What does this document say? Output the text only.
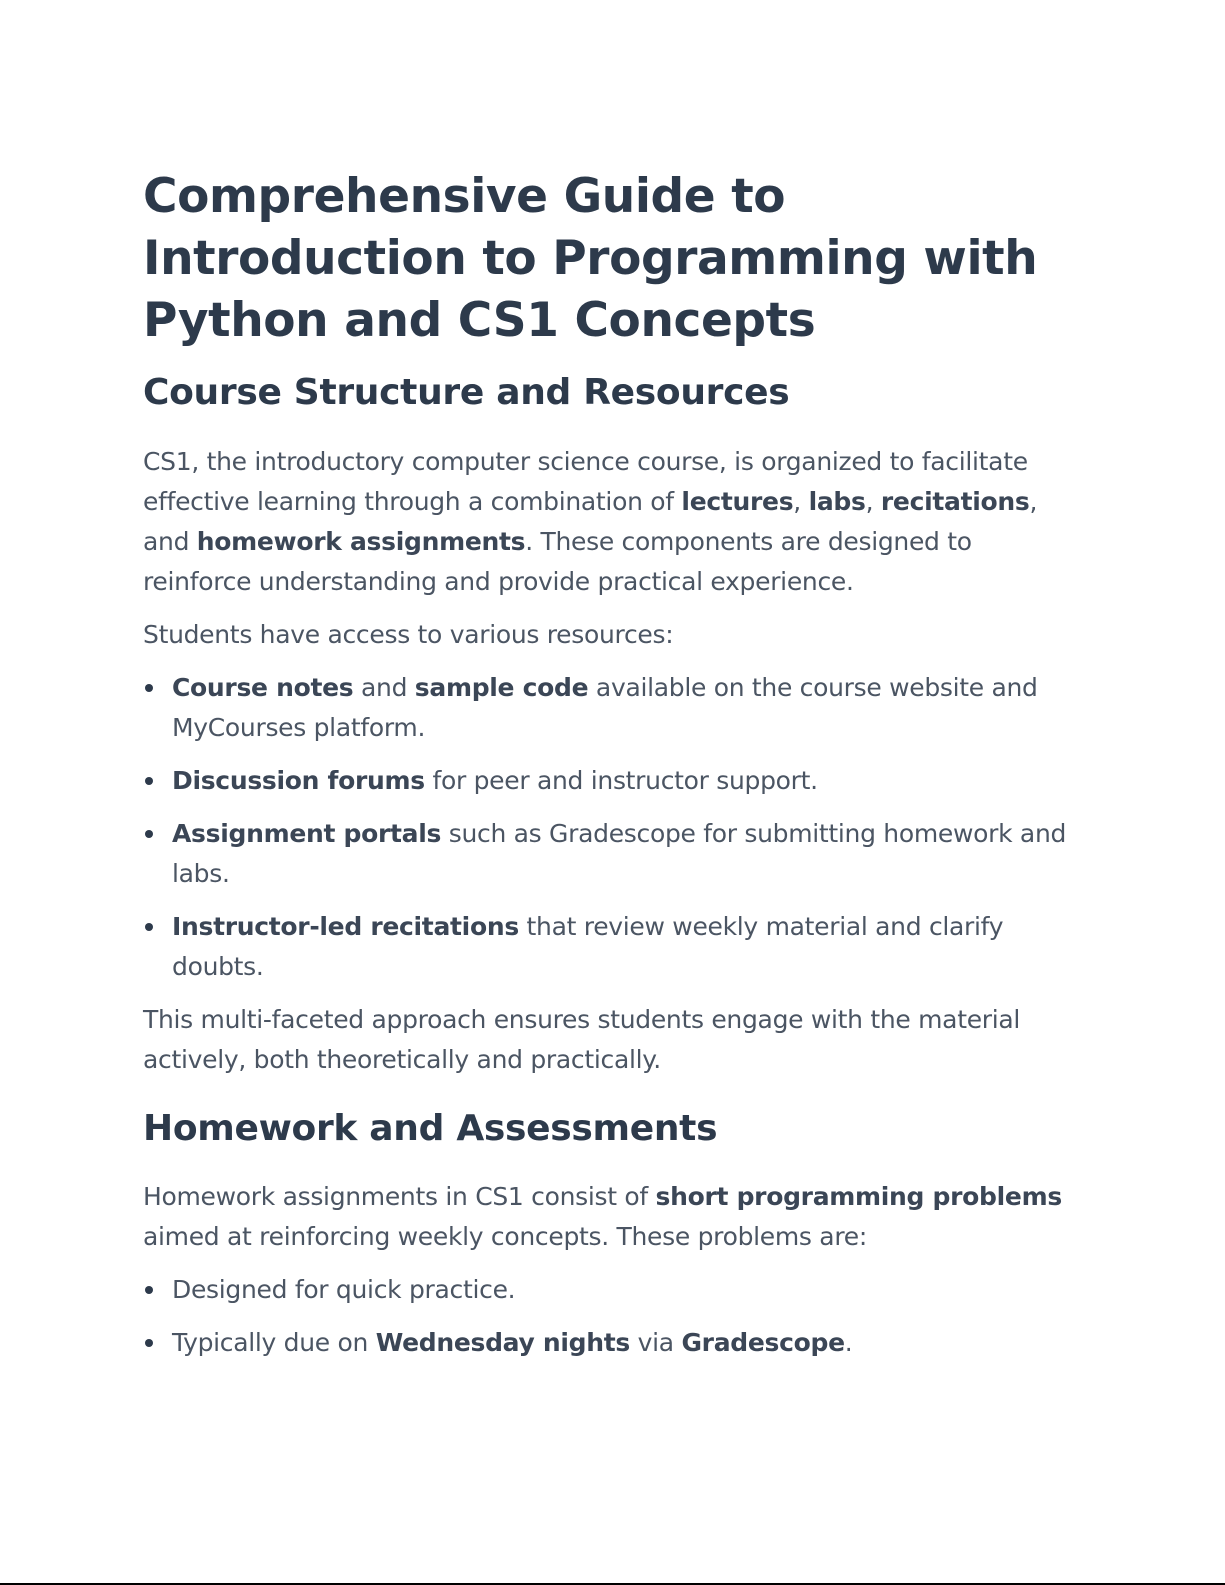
Comprehensive Guide to Introduction to Programming with Python and CS1 Concepts
Course Structure and Resources

CS1, the introductory computer science course, is organized to facilitate effective learning through a combination of lectures, labs, recitations, and homework assignments. These components are designed to reinforce understanding and provide practical experience.

Students have access to various resources:

Course notes and sample code available on the course website and MyCourses platform.
Discussion forums for peer and instructor support.
Assignment portals such as Gradescope for submitting homework and labs.
Instructor-led recitations that review weekly material and clarify doubts.

This multi-faceted approach ensures students engage with the material actively, both theoretically and practically.

Homework and Assessments

Homework assignments in CS1 consist of short programming problems aimed at reinforcing weekly concepts. These problems are:

Designed for quick practice.
Typically due on Wednesday nights via Gradescope.
